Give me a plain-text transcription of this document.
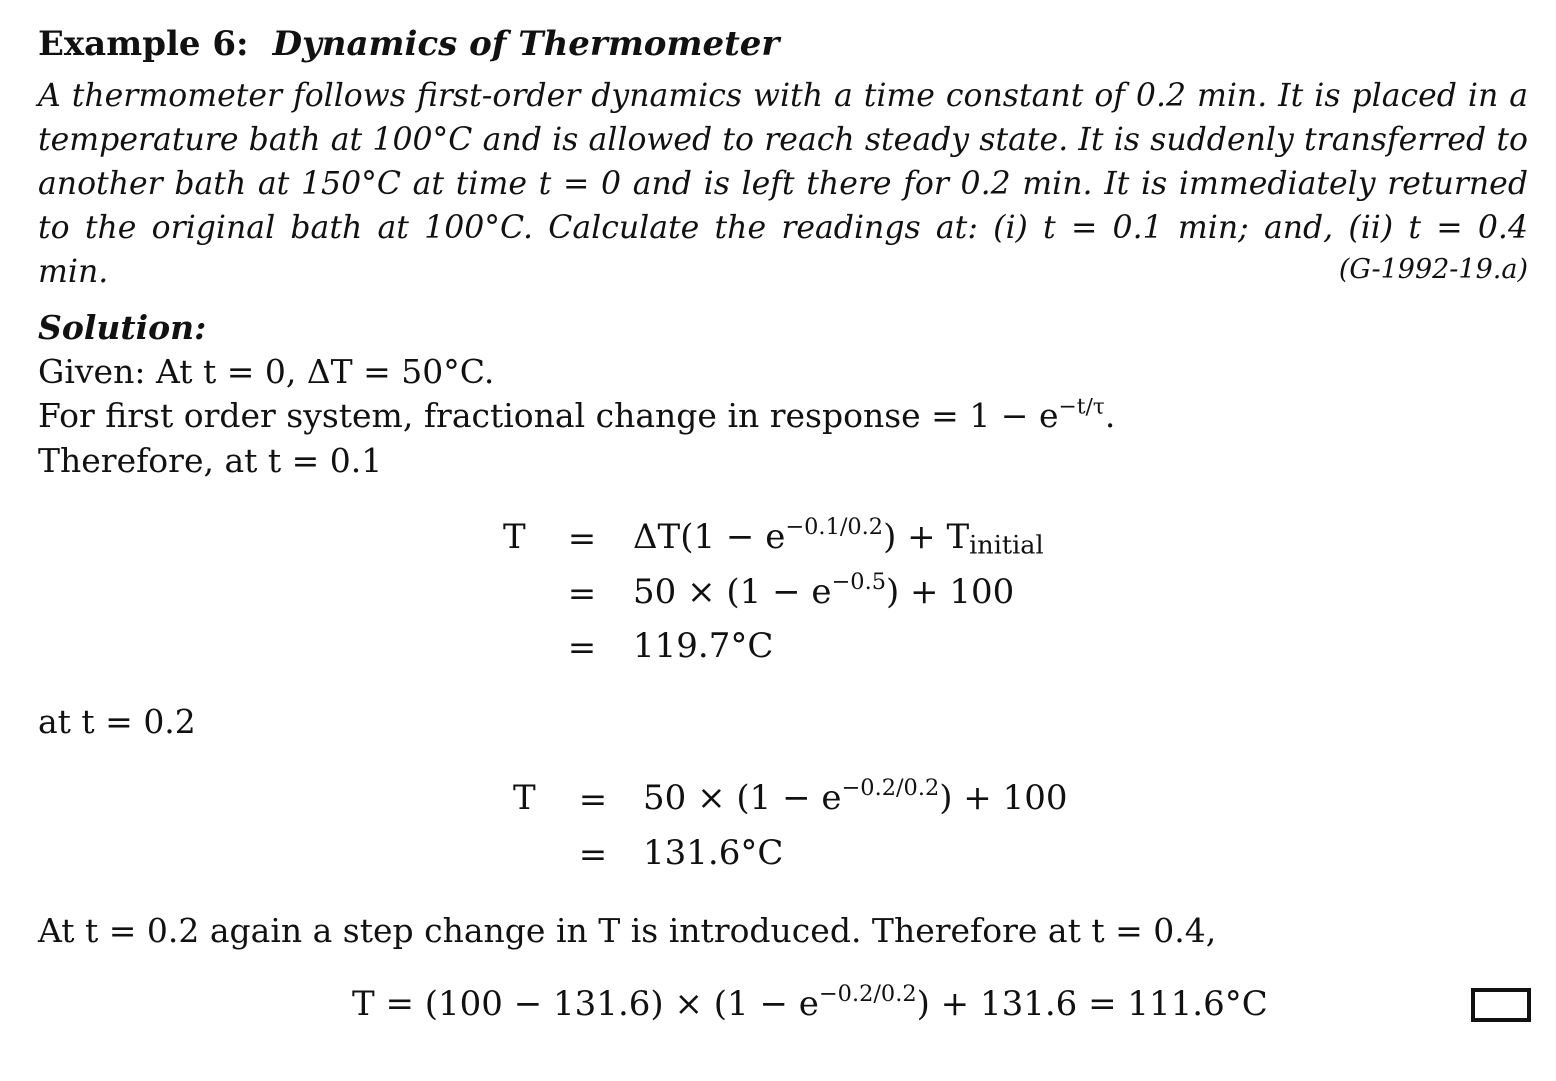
Example 6: Dynamics of Thermometer
A thermometer follows first-order dynamics with a time constant of 0.2 min. It is placed in a
temperature bath at 100°C and is allowed to reach steady state. It is suddenly transferred to
another bath at 150°C at time t = 0 and is left there for 0.2 min. It is immediately returned
to the original bath at 100°C. Calculate the readings at: (i) t = 0.1 min; and, (ii) t = 0.4
min.	(G-1992-19.a)
Solution:
Given: At t = 0, ΔT = 50°C.
For first order system, fractional change in response = $1 - e^{-t/\tau}$.
Therefore, at t = 0.1
$T = \Delta T(1 - e^{-0.1/0.2}) + T_{initial}$
= $50 \times (1 - e^{-0.5}) + 100$
= 119.7°C
at t = 0.2
$T = 50 \times (1 - e^{-0.2/0.2}) + 100$
= 131.6°C
At t = 0.2 again a step change in T is introduced. Therefore at t = 0.4,
$T = (100 - 131.6) \times (1 - e^{-0.2/0.2}) + 131.6 = 111.6^\circ C$
